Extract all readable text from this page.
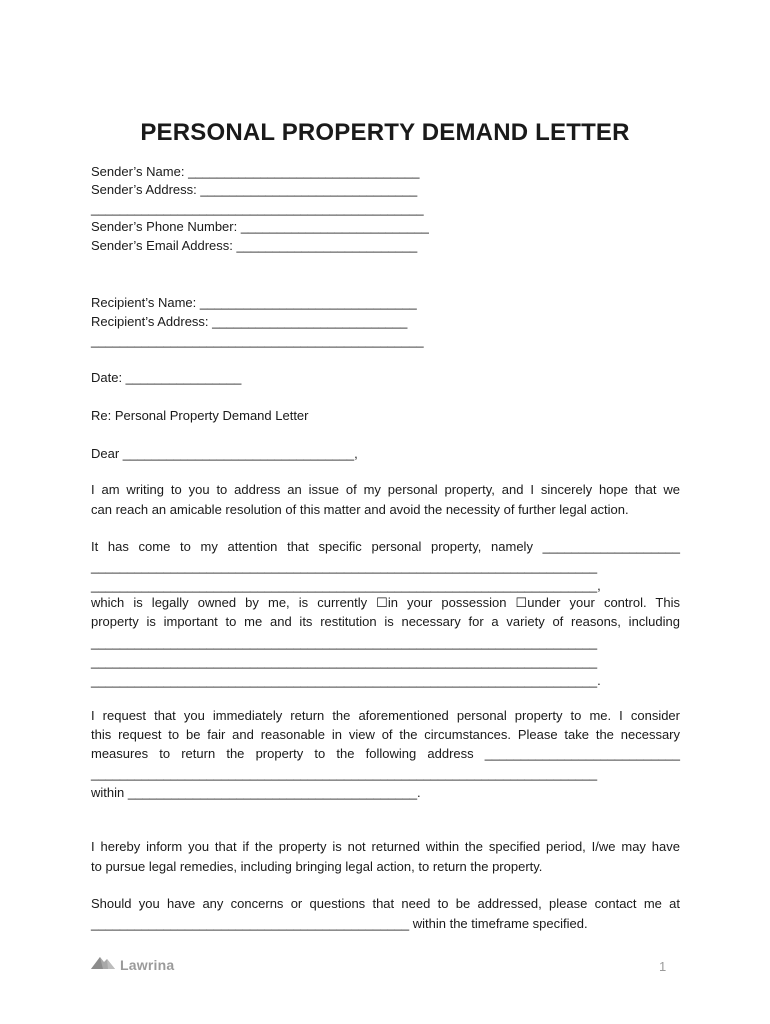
PERSONAL PROPERTY DEMAND LETTER
Sender’s Name: ________________________________
Sender’s Address: ______________________________
______________________________________________
Sender’s Phone Number: __________________________
Sender’s Email Address: _________________________
Recipient’s Name: ______________________________
Recipient’s Address: ___________________________
______________________________________________
Date: ________________
Re: Personal Property Demand Letter
Dear ________________________________,
I am writing to you to address an issue of my personal property, and I sincerely hope that we
can reach an amicable resolution of this matter and avoid the necessity of further legal action.
It has come to my attention that specific personal property, namely ___________________
______________________________________________________________________
______________________________________________________________________,
which is legally owned by me, is currently ☐in your possession ☐under your control. This
property is important to me and its restitution is necessary for a variety of reasons, including
______________________________________________________________________
______________________________________________________________________
______________________________________________________________________.
I request that you immediately return the aforementioned personal property to me. I consider
this request to be fair and reasonable in view of the circumstances. Please take the necessary
measures to return the property to the following address ___________________________
______________________________________________________________________
within ________________________________________.
I hereby inform you that if the property is not returned within the specified period, I/we may have
to pursue legal remedies, including bringing legal action, to return the property.
Should you have any concerns or questions that need to be addressed, please contact me at
____________________________________________ within the timeframe specified.
Lawrina	1
